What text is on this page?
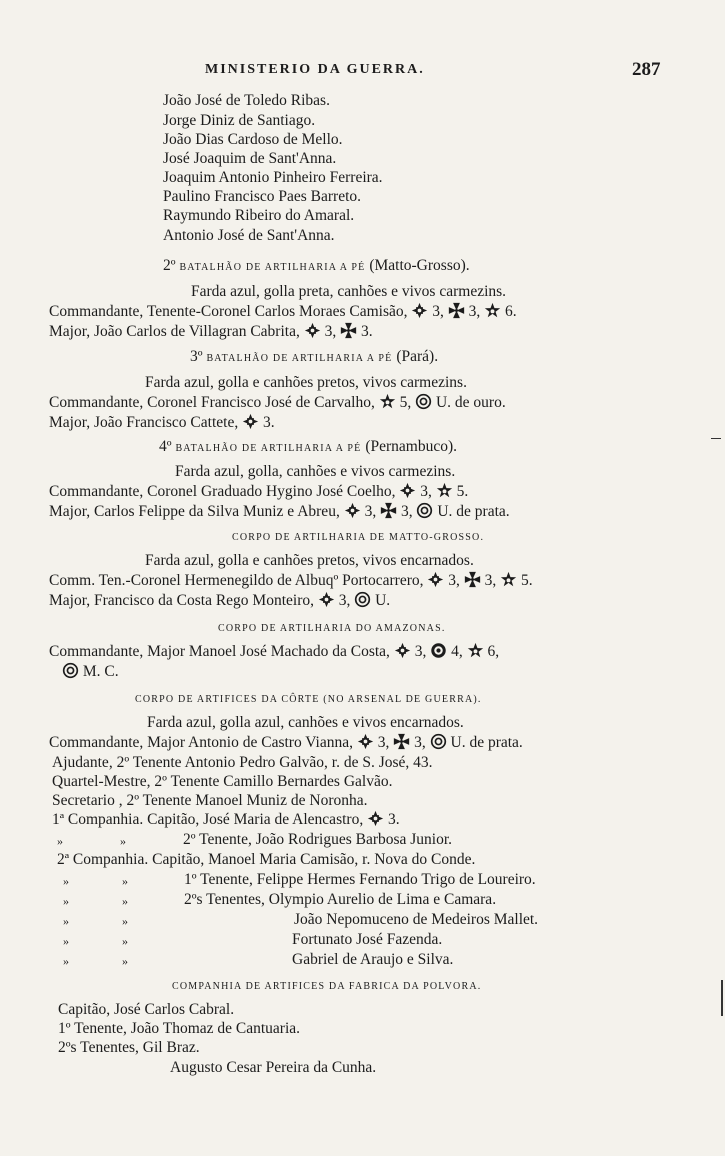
MINISTERIO DA GUERRA.	287
João José de Toledo Ribas.
Jorge Diniz de Santiago.
João Dias Cardoso de Mello.
José Joaquim de Sant'Anna.
Joaquim Antonio Pinheiro Ferreira.
Paulino Francisco Paes Barreto.
Raymundo Ribeiro do Amaral.
Antonio José de Sant'Anna.
2º BATALHÃO DE ARTILHARIA A PÉ (Matto-Grosso).
Farda azul, golla preta, canhões e vivos carmezins.
Commandante, Tenente-Coronel Carlos Moraes Camisão,  3,  3,  6.
Major, João Carlos de Villagran Cabrita,  3,  3.
3º BATALHÃO DE ARTILHARIA A PÉ (Pará).
Farda azul, golla e canhões pretos, vivos carmezins.
Commandante, Coronel Francisco José de Carvalho,  5,  U. de ouro.
Major, João Francisco Cattete,  3.
4º BATALHÃO DE ARTILHARIA A PÉ (Pernambuco).
Farda azul, golla, canhões e vivos carmezins.
Commandante, Coronel Graduado Hygino José Coelho,  3,  5.
Major, Carlos Felippe da Silva Muniz e Abreu,  3,  3,  U. de prata.
CORPO DE ARTILHARIA DE MATTO-GROSSO.
Farda azul, golla e canhões pretos, vivos encarnados.
Comm. Ten.-Coronel Hermenegildo de Albuqº Portocarrero,  3,  3,  5.
Major, Francisco da Costa Rego Monteiro,  3,  U.
CORPO DE ARTILHARIA DO AMAZONAS.
Commandante, Major Manoel José Machado da Costa,  3,  4,  6,
M. C.
CORPO DE ARTIFICES DA CÔRTE (NO ARSENAL DE GUERRA).
Farda azul, golla azul, canhões e vivos encarnados.
Commandante, Major Antonio de Castro Vianna,  3,  3,  U. de prata.
Ajudante, 2º Tenente Antonio Pedro Galvão, r. de S. José, 43.
Quartel-Mestre, 2º Tenente Camillo Bernardes Galvão.
Secretario , 2º Tenente Manoel Muniz de Noronha.
1ª Companhia. Capitão, José Maria de Alencastro,  3.
»	»	2º Tenente, João Rodrigues Barbosa Junior.
2ª Companhia. Capitão, Manoel Maria Camisão, r. Nova do Conde.
»	»	1º Tenente, Felippe Hermes Fernando Trigo de Loureiro.
»	»	2ºs Tenentes, Olympio Aurelio de Lima e Camara.
»	»	João Nepomuceno de Medeiros Mallet.
»	»	Fortunato José Fazenda.
»	»	Gabriel de Araujo e Silva.
COMPANHIA DE ARTIFICES DA FABRICA DA POLVORA.
Capitão, José Carlos Cabral.
1º Tenente, João Thomaz de Cantuaria.
2ºs Tenentes, Gil Braz.
Augusto Cesar Pereira da Cunha.
